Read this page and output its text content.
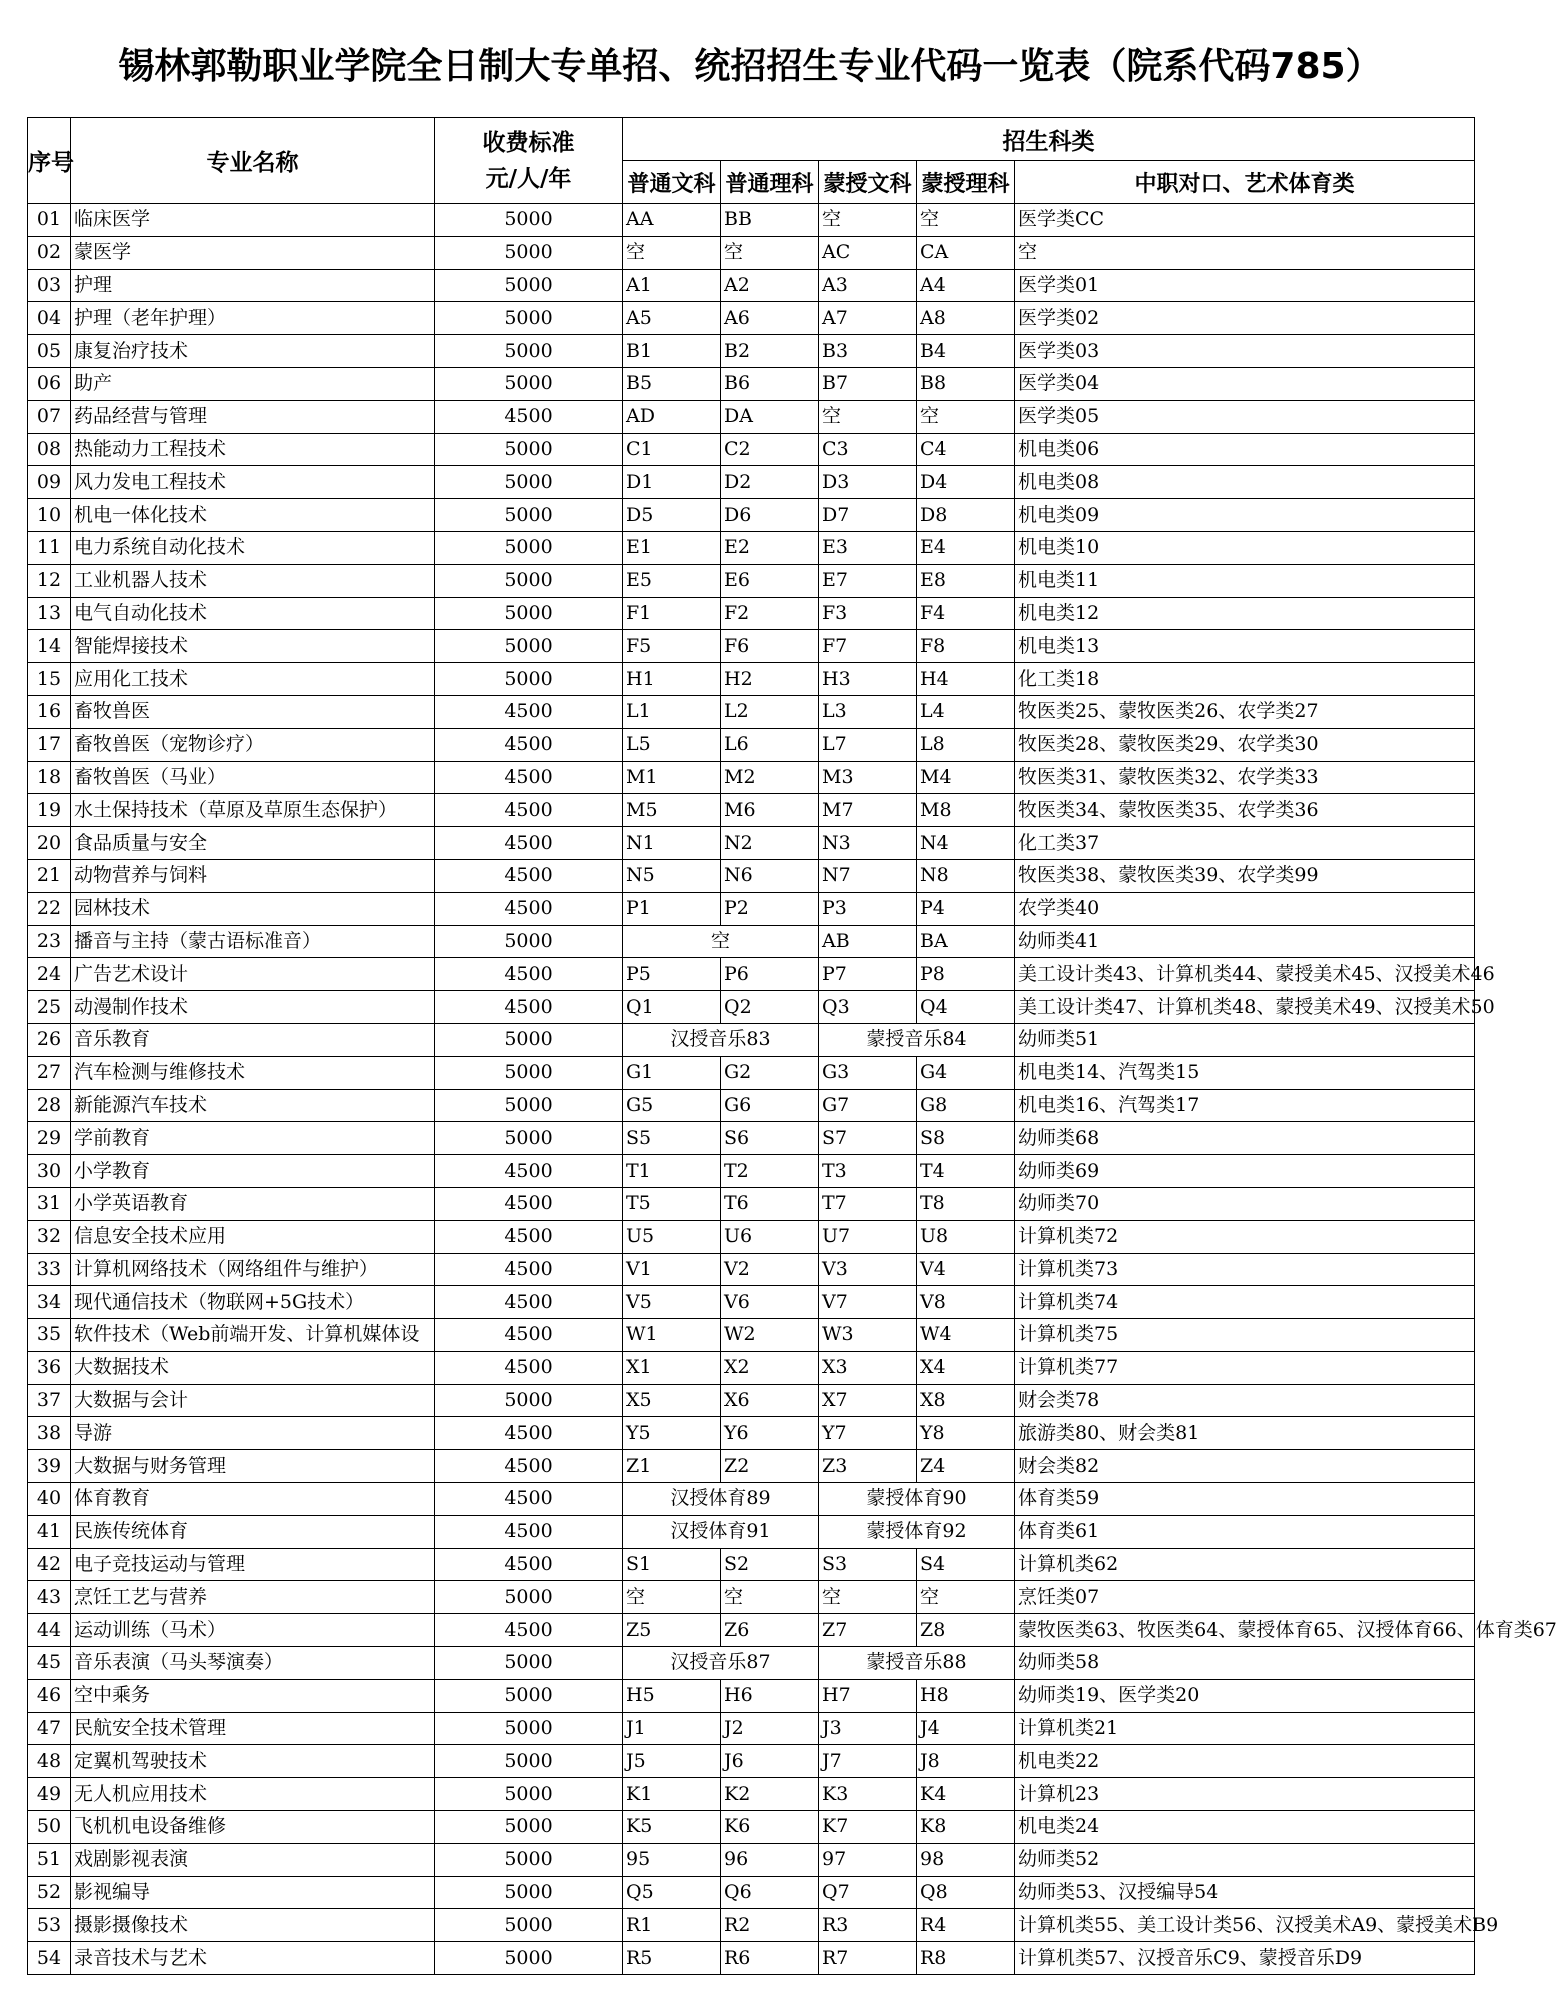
锡林郭勒职业学院全日制大专单招、统招招生专业代码一览表（院系代码785）
序号	专业名称	收费标准
元/人/年	招生科类				
			普通文科	普通理科	蒙授文科	蒙授理科	中职对口、艺术体育类
01	临床医学	5000	AA	BB	空	空	医学类CC
02	蒙医学	5000	空	空	AC	CA	空
03	护理	5000	A1	A2	A3	A4	医学类01
04	护理（老年护理）	5000	A5	A6	A7	A8	医学类02
05	康复治疗技术	5000	B1	B2	B3	B4	医学类03
06	助产	5000	B5	B6	B7	B8	医学类04
07	药品经营与管理	4500	AD	DA	空	空	医学类05
08	热能动力工程技术	5000	C1	C2	C3	C4	机电类06
09	风力发电工程技术	5000	D1	D2	D3	D4	机电类08
10	机电一体化技术	5000	D5	D6	D7	D8	机电类09
11	电力系统自动化技术	5000	E1	E2	E3	E4	机电类10
12	工业机器人技术	5000	E5	E6	E7	E8	机电类11
13	电气自动化技术	5000	F1	F2	F3	F4	机电类12
14	智能焊接技术	5000	F5	F6	F7	F8	机电类13
15	应用化工技术	5000	H1	H2	H3	H4	化工类18
16	畜牧兽医	4500	L1	L2	L3	L4	牧医类25、蒙牧医类26、农学类27
17	畜牧兽医（宠物诊疗）	4500	L5	L6	L7	L8	牧医类28、蒙牧医类29、农学类30
18	畜牧兽医（马业）	4500	M1	M2	M3	M4	牧医类31、蒙牧医类32、农学类33
19	水土保持技术（草原及草原生态保护）	4500	M5	M6	M7	M8	牧医类34、蒙牧医类35、农学类36
20	食品质量与安全	4500	N1	N2	N3	N4	化工类37
21	动物营养与饲料	4500	N5	N6	N7	N8	牧医类38、蒙牧医类39、农学类99
22	园林技术	4500	P1	P2	P3	P4	农学类40
23	播音与主持（蒙古语标准音）	5000	空		AB	BA	幼师类41
24	广告艺术设计	4500	P5	P6	P7	P8	美工设计类43、计算机类44、蒙授美术45、汉授美术46
25	动漫制作技术	4500	Q1	Q2	Q3	Q4	美工设计类47、计算机类48、蒙授美术49、汉授美术50
26	音乐教育	5000	汉授音乐83		蒙授音乐84		幼师类51
27	汽车检测与维修技术	5000	G1	G2	G3	G4	机电类14、汽驾类15
28	新能源汽车技术	5000	G5	G6	G7	G8	机电类16、汽驾类17
29	学前教育	5000	S5	S6	S7	S8	幼师类68
30	小学教育	4500	T1	T2	T3	T4	幼师类69
31	小学英语教育	4500	T5	T6	T7	T8	幼师类70
32	信息安全技术应用	4500	U5	U6	U7	U8	计算机类72
33	计算机网络技术（网络组件与维护）	4500	V1	V2	V3	V4	计算机类73
34	现代通信技术（物联网+5G技术）	4500	V5	V6	V7	V8	计算机类74
35	软件技术（Web前端开发、计算机媒体设	4500	W1	W2	W3	W4	计算机类75
36	大数据技术	4500	X1	X2	X3	X4	计算机类77
37	大数据与会计	5000	X5	X6	X7	X8	财会类78
38	导游	4500	Y5	Y6	Y7	Y8	旅游类80、财会类81
39	大数据与财务管理	4500	Z1	Z2	Z3	Z4	财会类82
40	体育教育	4500	汉授体育89		蒙授体育90		体育类59
41	民族传统体育	4500	汉授体育91		蒙授体育92		体育类61
42	电子竞技运动与管理	4500	S1	S2	S3	S4	计算机类62
43	烹饪工艺与营养	5000	空	空	空	空	烹饪类07
44	运动训练（马术）	4500	Z5	Z6	Z7	Z8	蒙牧医类63、牧医类64、蒙授体育65、汉授体育66、体育类67
45	音乐表演（马头琴演奏）	5000	汉授音乐87		蒙授音乐88		幼师类58
46	空中乘务	5000	H5	H6	H7	H8	幼师类19、医学类20
47	民航安全技术管理	5000	J1	J2	J3	J4	计算机类21
48	定翼机驾驶技术	5000	J5	J6	J7	J8	机电类22
49	无人机应用技术	5000	K1	K2	K3	K4	计算机23
50	飞机机电设备维修	5000	K5	K6	K7	K8	机电类24
51	戏剧影视表演	5000	95	96	97	98	幼师类52
52	影视编导	5000	Q5	Q6	Q7	Q8	幼师类53、汉授编导54
53	摄影摄像技术	5000	R1	R2	R3	R4	计算机类55、美工设计类56、汉授美术A9、蒙授美术B9
54	录音技术与艺术	5000	R5	R6	R7	R8	计算机类57、汉授音乐C9、蒙授音乐D9
